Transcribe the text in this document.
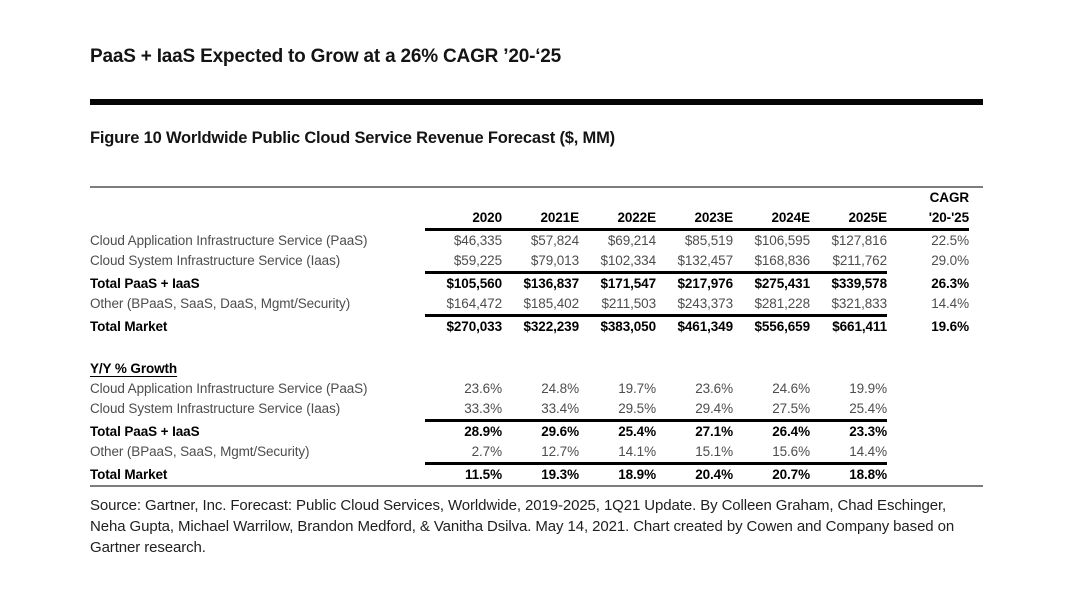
PaaS + IaaS Expected to Grow at a 26% CAGR ’20-‘25
Figure 10 Worldwide Public Cloud Service Revenue Forecast ($, MM)
CAGR
2020	2021E	2022E	2023E	2024E	2025E	'20-'25
Cloud Application Infrastructure Service (PaaS)	$46,335	$57,824	$69,214	$85,519	$106,595	$127,816	22.5%
Cloud System Infrastructure Service (Iaas)	$59,225	$79,013	$102,334	$132,457	$168,836	$211,762	29.0%
Total PaaS + IaaS	$105,560	$136,837	$171,547	$217,976	$275,431	$339,578	26.3%
Other (BPaaS, SaaS, DaaS, Mgmt/Security)	$164,472	$185,402	$211,503	$243,373	$281,228	$321,833	14.4%
Total Market	$270,033	$322,239	$383,050	$461,349	$556,659	$661,411	19.6%
Y/Y % Growth
Cloud Application Infrastructure Service (PaaS)	23.6%	24.8%	19.7%	23.6%	24.6%	19.9%
Cloud System Infrastructure Service (Iaas)	33.3%	33.4%	29.5%	29.4%	27.5%	25.4%
Total PaaS + IaaS	28.9%	29.6%	25.4%	27.1%	26.4%	23.3%
Other (BPaaS, SaaS, Mgmt/Security)	2.7%	12.7%	14.1%	15.1%	15.6%	14.4%
Total Market	11.5%	19.3%	18.9%	20.4%	20.7%	18.8%
Source: Gartner, Inc. Forecast: Public Cloud Services, Worldwide, 2019-2025, 1Q21 Update. By Colleen Graham, Chad Eschinger, Neha Gupta, Michael Warrilow, Brandon Medford, & Vanitha Dsilva. May 14, 2021. Chart created by Cowen and Company based on Gartner research.
